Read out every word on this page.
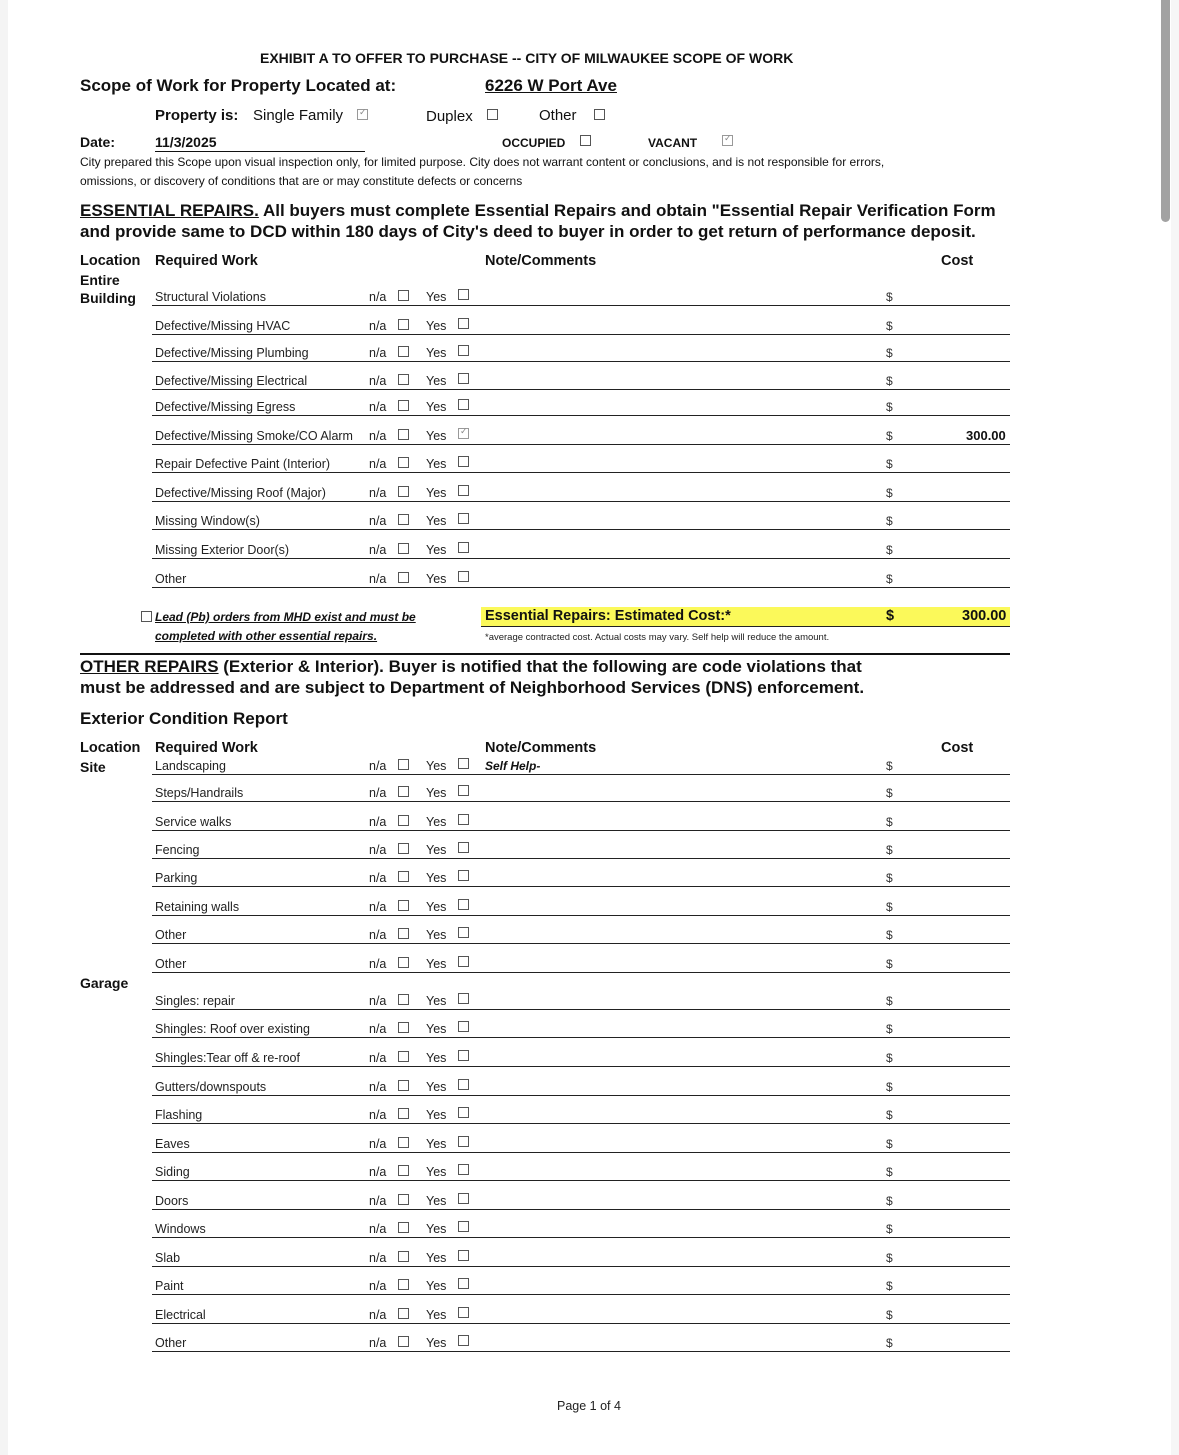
EXHIBIT A TO OFFER TO PURCHASE -- CITY OF MILWAUKEE SCOPE OF WORK
Scope of Work for Property Located at:	6226 W Port Ave
Property is: Single Family ✓	Duplex	Other
Date:	11/3/2025	OCCUPIED	VACANT
✓
City prepared this Scope upon visual inspection only, for limited purpose. City does not warrant content or conclusions, and is not responsible for errors,
omissions, or discovery of conditions that are or may constitute defects or concerns
ESSENTIAL REPAIRS. All buyers must complete Essential Repairs and obtain "Essential Repair Verification Form
and provide same to DCD within 180 days of City's deed to buyer in order to get return of performance deposit.
Location Required Work	Note/Comments	Cost
Entire
Building Structural Violations	n/a	Yes	$
Defective/Missing HVAC	n/a	Yes	$
Defective/Missing Plumbing	n/a	Yes	$
Defective/Missing Electrical	n/a	Yes	$
Defective/Missing Egress	n/a	Yes	$
Defective/Missing Smoke/CO Alarm n/a	Yes ✓	$	300.00
Repair Defective Paint (Interior)	n/a	Yes	$
Defective/Missing Roof (Major)	n/a	Yes	$
Missing Window(s)	n/a	Yes	$
Missing Exterior Door(s)	n/a	Yes	$
Other	n/a	Yes	$
Lead (Pb) orders from MHD exist and must be
completed with other essential repairs.
Essential Repairs: Estimated Cost:*	$	300.00
*average contracted cost. Actual costs may vary. Self help will reduce the amount.
OTHER REPAIRS (Exterior & Interior). Buyer is notified that the following are code violations that
must be addressed and are subject to Department of Neighborhood Services (DNS) enforcement.
Exterior Condition Report
Location Required Work	Note/Comments	Cost
Site
Garage
Landscaping	n/a	Yes	Self Help-	$
Steps/Handrails	n/a	Yes	$
Service walks	n/a	Yes	$
Fencing	n/a	Yes	$
Parking	n/a	Yes	$
Retaining walls	n/a	Yes	$
Other	n/a	Yes	$
Other	n/a	Yes	$
Singles: repair	n/a	Yes	$
Shingles: Roof over existing	n/a	Yes	$
Shingles:Tear off & re-roof	n/a	Yes	$
Gutters/downspouts	n/a	Yes	$
Flashing	n/a	Yes	$
Eaves	n/a	Yes	$
Siding	n/a	Yes	$
Doors	n/a	Yes	$
Windows	n/a	Yes	$
Slab	n/a	Yes	$
Paint	n/a	Yes	$
Electrical	n/a	Yes	$
Other	n/a	Yes	$
Page 1 of 4
